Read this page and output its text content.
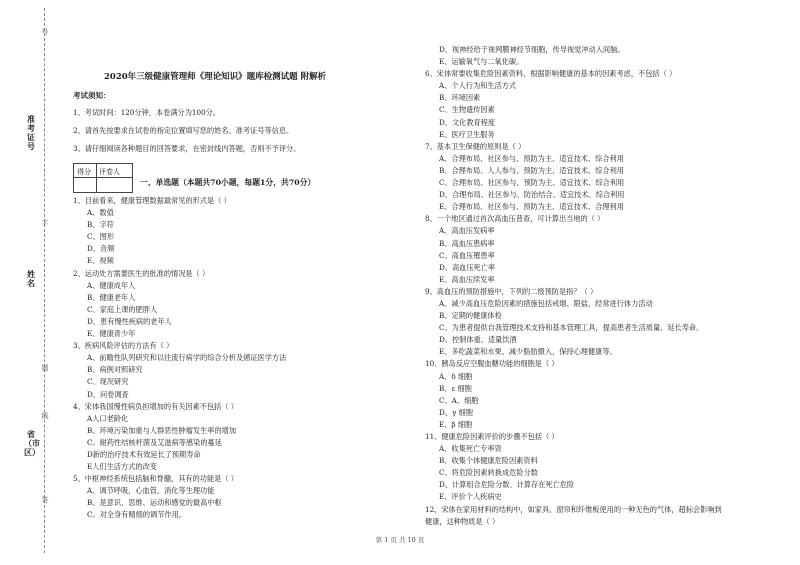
准考证号
姓名
省（市区）
号
不
题
线
答
2020年三级健康管理师《理论知识》题库检测试题 附解析
考试须知：
1、考试时间：120分钟，本卷满分为100分。
2、请首先按要求在试卷的指定位置填写您的姓名、准考证号等信息。
3、请仔细阅读各种题目的回答要求，在密封线内答题，否则不予评分。
得分 评卷人
一、单选题（本题共70小题，每题1分，共70分）
1、目前看来，健康管理数据最常见的形式是（ ）
A、数值
B、字符
C、图形
D、音频
E、视频
2、运动处方需要医生的批准的情况是（ ）
A、健康成年人
B、健康老年人
C、家庭上课的肥胖人
D、患有慢性疾病的老年人
E、健康青少年
3、疾病风险评估的方法有（ ）
A、前瞻性队列研究和以往流行病学的综合分析及循证医学方法
B、病例对照研究
C、现况研究
D、问卷调查
4、宋体我国慢性病负担增加的有关因素不包括（ ）
A人口老龄化
B、环境污染加重与人群恶性肿瘤发生率的增加
C、耐药性结核杆菌及艾滋病等感染的蔓延
D新的治疗技术有效延长了预期寿命
E人们生活方式的改变
5、中枢神经系统包括脑和脊髓，其有的功能是（ ）
A、调节呼吸，心血管，消化等生理功能
B、是意识、思维、运动和感觉的最高中枢
C、对全身有精细的调节作用。
D、视神经给于视网膜神经节细胞，传导视觉冲动入间脑。
E、运输氧气与二氧化碳。
6、宋体常要收集危险因素资料，根据影响健康的基本的因素考虑，不包括（ ）
A、个人行为和生活方式
B、环境因素
C、生物遗传因素
D、文化教育程度
E、医疗卫生服务
7、基本卫生保健的原则是（ ）
A、合理布局、社区参与、预防为主、适宜技术、综合利用
B、合理布局、人人参与、预防为主、适宜技术、综合利用
C、合理布局、社区参与、预防为主、适宜技术、综合利用
D、合理布局、社区参与、防治结合、适宜技术、综合利用
E、合理布局、社区参与、预防为主、适宜技术、合理利用
8、一个地区通过首次高血压普查，可计算出当地的（ ）
A、高血压发病率
B、高血压患病率
C、高血压罹患率
D、高血压死亡率
E、高血压续发率
9、高血压的预防措施中，下列的二级预防是指？（ ）
A、减少高血压危险因素的措施包括戒烟、限盐、经常进行体力活动
B、定期的健康体检
C、为患者提供自我管理技术支持和基本管理工具，提高患者生活质量、延长寿命。
D、控制体重、适量饮酒
E、多吃蔬菜和水果、减少脂肪摄入，保持心理健康等。
10、胰岛反应空腹血糖功能的细胞是（ ）
A、δ 细胞
B、ε 细胞
C、A、细胞
D、γ 细胞
E、β 细胞
11、健康危险因素评价的步骤不包括（ ）
A、收集死亡专率资
B、收集个体健康危险因素资料
C、将危险因素转换成危险分数
D、计算组合危险分数、计算存在死亡危险
E、评价个人疾病史
12、宋体在家用材料的结构中，如家具、窗帘和纤维板使用的一种无色的气体，超标会影响到
健康，这种物质是（ ）
第 1 页 共 10 页
